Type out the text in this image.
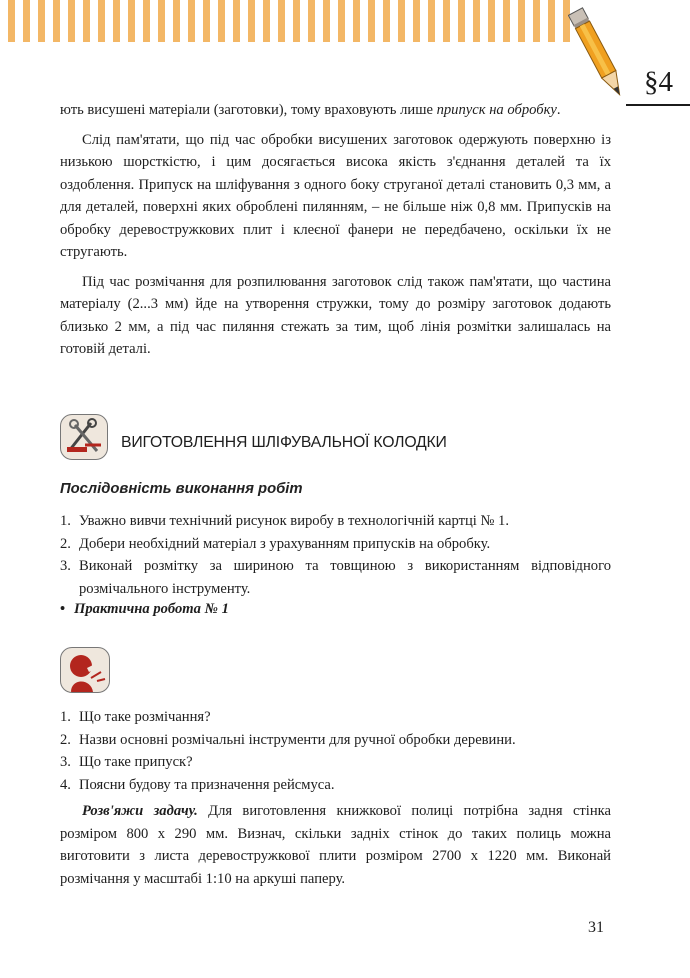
§4

ють висушені матеріали (заготовки), тому враховують лише припуск на обробку.

Слід пам'ятати, що під час обробки висушених заготовок одержують поверхню із низькою шорсткістю, і цим досягається висока якість з'єднання деталей та їх оздоблення. Припуск на шліфування з одного боку струганої деталі становить 0,3 мм, а для деталей, поверхні яких оброблені пилянням, – не більше ніж 0,8 мм. Припусків на обробку деревостружкових плит і клеєної фанери не передбачено, оскільки їх не стругають.

Під час розмічання для розпилювання заготовок слід також пам'ятати, що частина матеріалу (2...3 мм) йде на утворення стружки, тому до розміру заготовок додають близько 2 мм, а під час пиляння стежать за тим, щоб лінія розмітки залишалась на готовій деталі.

ВИГОТОВЛЕННЯ ШЛІФУВАЛЬНОЇ КОЛОДКИ
Послідовність виконання робіт
1. Уважно вивчи технічний рисунок виробу в технологічній картці № 1.
2. Добери необхідний матеріал з урахуванням припусків на обробку.
3. Виконай розмітку за шириною та товщиною з використанням відповідного розмічального інструменту.
• Практична робота № 1
1. Що таке розмічання?
2. Назви основні розмічальні інструменти для ручної обробки деревини.
3. Що таке припуск?
4. Поясни будову та призначення рейсмуса.

Розв'яжи задачу. Для виготовлення книжкової полиці потрібна задня стінка розміром 800 х 290 мм. Визнач, скільки задніх стінок до таких полиць можна виготовити з листа деревостружкової плити розміром 2700 х 1220 мм. Виконай розмічання у масштабі 1:10 на аркуші паперу.

31
